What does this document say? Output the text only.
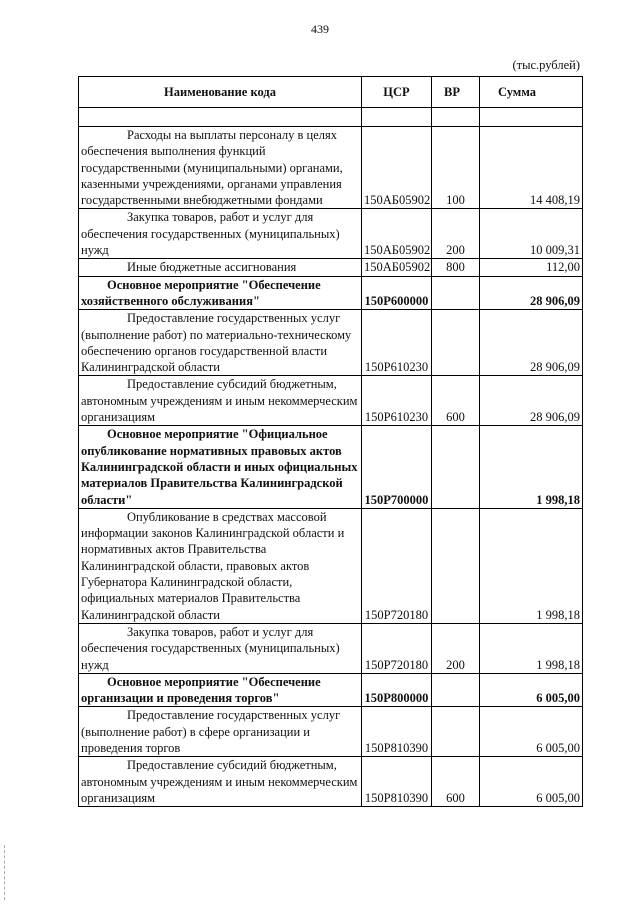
439
(тыс.рублей)
Наименование кода	ЦСР	ВР	Сумма

Расходы на выплаты персоналу в целях обеспечения выполнения функций государственными (муниципальными) органами, казенными учреждениями, органами управления государственными внебюджетными фондами	150АБ05902	100	14 408,19
Закупка товаров, работ и услуг для обеспечения государственных (муниципальных) нужд	150АБ05902	200	10 009,31
Иные бюджетные ассигнования	150АБ05902	800	112,00
Основное мероприятие "Обеспечение хозяйственного обслуживания"	150Р600000		28 906,09
Предоставление государственных услуг (выполнение работ) по материально-техническому обеспечению органов государственной власти Калининградской области	150Р610230		28 906,09
Предоставление субсидий бюджетным, автономным учреждениям и иным некоммерческим организациям	150Р610230	600	28 906,09
Основное мероприятие "Официальное опубликование нормативных правовых актов Калининградской области и иных официальных материалов Правительства Калининградской области"	150Р700000		1 998,18
Опубликование в средствах массовой информации законов Калининградской области и нормативных актов Правительства Калининградской области, правовых актов Губернатора Калининградской области, официальных материалов Правительства Калининградской области	150Р720180		1 998,18
Закупка товаров, работ и услуг для обеспечения государственных (муниципальных) нужд	150Р720180	200	1 998,18
Основное мероприятие "Обеспечение организации и проведения торгов"	150Р800000		6 005,00
Предоставление государственных услуг (выполнение работ) в сфере организации и проведения торгов	150Р810390		6 005,00
Предоставление субсидий бюджетным, автономным учреждениям и иным некоммерческим организациям	150Р810390	600	6 005,00
